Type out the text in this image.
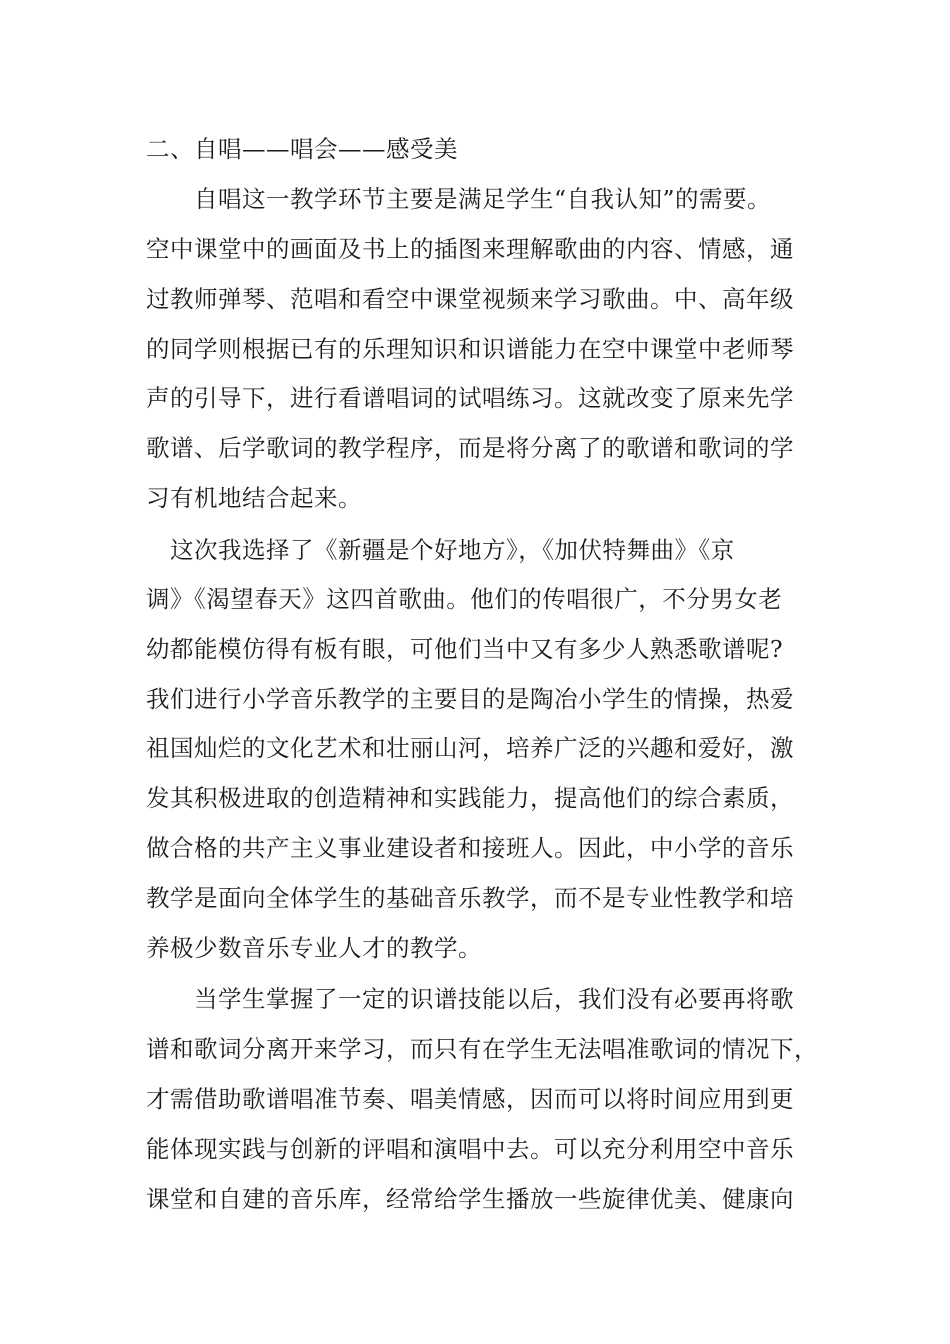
二、自唱——唱会——感受美
自唱这一教学环节主要是满足学生“自我认知”的需要。
空中课堂中的画面及书上的插图来理解歌曲的内容、情感，通
过教师弹琴、范唱和看空中课堂视频来学习歌曲。中、高年级
的同学则根据已有的乐理知识和识谱能力在空中课堂中老师琴
声的引导下，进行看谱唱词的试唱练习。这就改变了原来先学
歌谱、后学歌词的教学程序，而是将分离了的歌谱和歌词的学
习有机地结合起来。
这次我选择了《新疆是个好地方》，《加伏特舞曲》《京
调》《渴望春天》这四首歌曲。他们的传唱很广，不分男女老
幼都能模仿得有板有眼，可他们当中又有多少人熟悉歌谱呢?
我们进行小学音乐教学的主要目的是陶冶小学生的情操，热爱
祖国灿烂的文化艺术和壮丽山河，培养广泛的兴趣和爱好，激
发其积极进取的创造精神和实践能力，提高他们的综合素质，
做合格的共产主义事业建设者和接班人。因此，中小学的音乐
教学是面向全体学生的基础音乐教学，而不是专业性教学和培
养极少数音乐专业人才的教学。
当学生掌握了一定的识谱技能以后，我们没有必要再将歌
谱和歌词分离开来学习，而只有在学生无法唱准歌词的情况下，
才需借助歌谱唱准节奏、唱美情感，因而可以将时间应用到更
能体现实践与创新的评唱和演唱中去。可以充分利用空中音乐
课堂和自建的音乐库，经常给学生播放一些旋律优美、健康向
